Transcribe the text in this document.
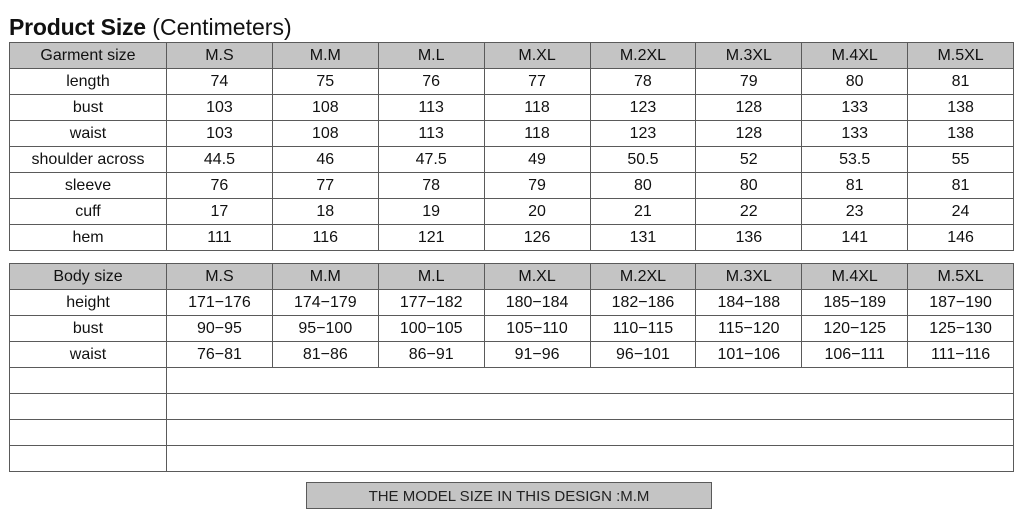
Product Size (Centimeters)
Garment size	M.S	M.M	M.L	M.XL	M.2XL	M.3XL	M.4XL	M.5XL
length	74	75	76	77	78	79	80	81
bust	103	108	113	118	123	128	133	138
waist	103	108	113	118	123	128	133	138
shoulder across	44.5	46	47.5	49	50.5	52	53.5	55
sleeve	76	77	78	79	80	80	81	81
cuff	17	18	19	20	21	22	23	24
hem	111	116	121	126	131	136	141	146
Body size	M.S	M.M	M.L	M.XL	M.2XL	M.3XL	M.4XL	M.5XL
height	171−176	174−179	177−182	180−184	182−186	184−188	185−189	187−190
bust	90−95	95−100	100−105	105−110	110−115	115−120	120−125	125−130
waist	76−81	81−86	86−91	91−96	96−101	101−106	106−111	111−116

THE MODEL SIZE IN THIS DESIGN :M.M
